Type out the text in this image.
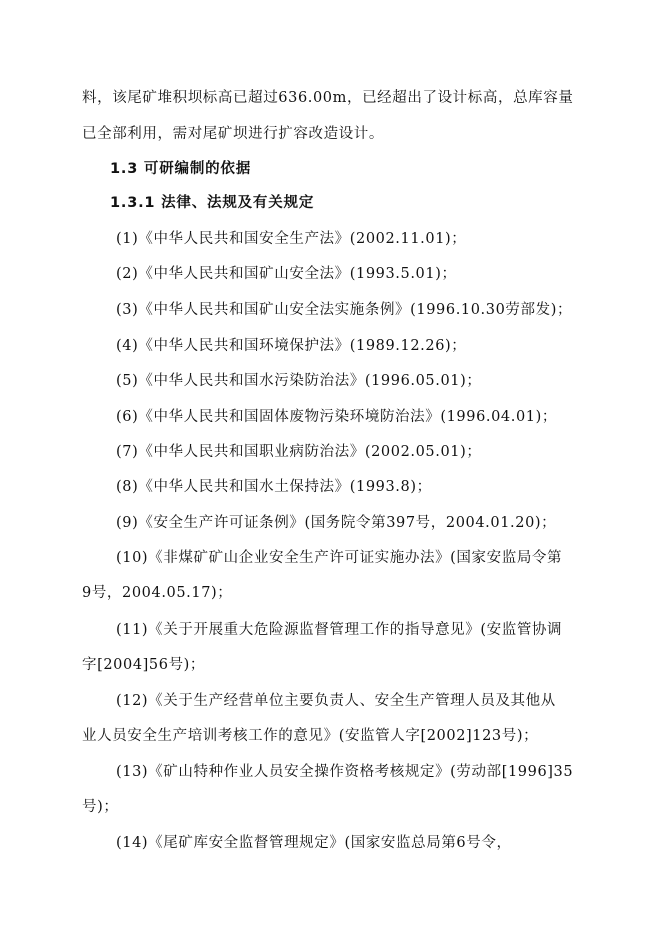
料，该尾矿堆积坝标高已超过636.00m，已经超出了设计标高，总库容量
已全部利用，需对尾矿坝进行扩容改造设计。
1.3 可研编制的依据
1.3.1 法律、法规及有关规定
(1)《中华人民共和国安全生产法》(2002.11.01)；
(2)《中华人民共和国矿山安全法》(1993.5.01)；
(3)《中华人民共和国矿山安全法实施条例》(1996.10.30劳部发)；
(4)《中华人民共和国环境保护法》(1989.12.26)；
(5)《中华人民共和国水污染防治法》(1996.05.01)；
(6)《中华人民共和国固体废物污染环境防治法》(1996.04.01)；
(7)《中华人民共和国职业病防治法》(2002.05.01)；
(8)《中华人民共和国水土保持法》(1993.8)；
(9)《安全生产许可证条例》(国务院令第397号，2004.01.20)；
(10)《非煤矿矿山企业安全生产许可证实施办法》(国家安监局令第
9号，2004.05.17)；
(11)《关于开展重大危险源监督管理工作的指导意见》(安监管协调
字[2004]56号)；
(12)《关于生产经营单位主要负责人、安全生产管理人员及其他从
业人员安全生产培训考核工作的意见》(安监管人字[2002]123号)；
(13)《矿山特种作业人员安全操作资格考核规定》(劳动部[1996]35
号)；
(14)《尾矿库安全监督管理规定》(国家安监总局第6号令，
